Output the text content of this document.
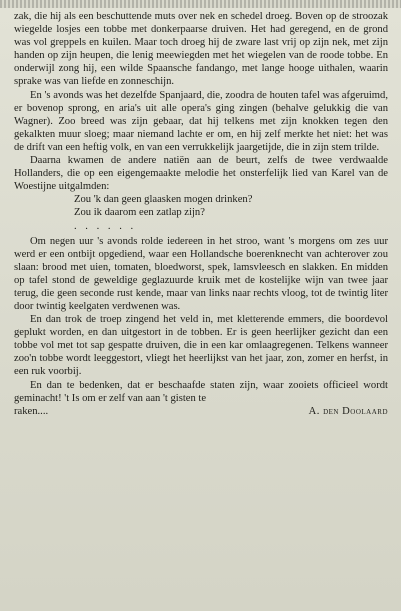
zak, die hij als een beschuttende muts over nek en schedel droeg. Boven op de stroozak wiegelde losjes een tobbe met donkerpaarse druiven. Het had geregend, en de grond was vol greppels en kuilen. Maar toch droeg hij de zware last vrij op zijn nek, met zijn handen op zijn heupen, die lenig meewiegden met het wiegelen van de roode tobbe. En onderwijl zong hij, een wilde Spaansche fandango, met lange hooge uithalen, waarin sprake was van liefde en zonneschijn.

En 's avonds was het dezelfde Spanjaard, die, zoodra de houten tafel was afgeruimd, er bovenop sprong, en aria's uit alle opera's ging zingen (behalve gelukkig die van Wagner). Zoo breed was zijn gebaar, dat hij telkens met zijn knokken tegen den gekalkten muur sloeg; maar niemand lachte er om, en hij zelf merkte het niet: het was de drift van een heftig volk, en van een verrukkelijk jaargetijde, die in zijn stem trilde.

Daarna kwamen de andere natiën aan de beurt, zelfs de twee verdwaalde Hollanders, die op een eigengemaakte melodie het onsterfelijk lied van Karel van de Woestijne uitgalmden:

Zou 'k dan geen glaasken mogen drinken?

Zou ik daarom een zatlap zijn?

. . . . . .

Om negen uur 's avonds rolde iedereen in het stroo, want 's morgens om zes uur werd er een ontbijt opgediend, waar een Hollandsche boerenknecht van achterover zou slaan: brood met uien, tomaten, bloedworst, spek, lamsvleesch en slakken. En midden op tafel stond de geweldige geglazuurde kruik met de kostelijke wijn van twee jaar terug, die geen seconde rust kende, maar van links naar rechts vloog, tot de twintig liter door twintig keelgaten verdwenen was.

En dan trok de troep zingend het veld in, met kletterende emmers, die boordevol geplukt worden, en dan uitgestort in de tobben. Er is geen heerlijker gezicht dan een tobbe vol met tot sap gespatte druiven, die in een kar omlaagregenen. Telkens wanneer zoo'n tobbe wordt leeggestort, vliegt het heerlijkst van het jaar, zon, zomer en herfst, in een ruk voorbij.

En dan te bedenken, dat er beschaafde staten zijn, waar zooiets officieel wordt geminacht! 't Is om er zelf van aan 't gisten te

raken....	A. den Doolaard
